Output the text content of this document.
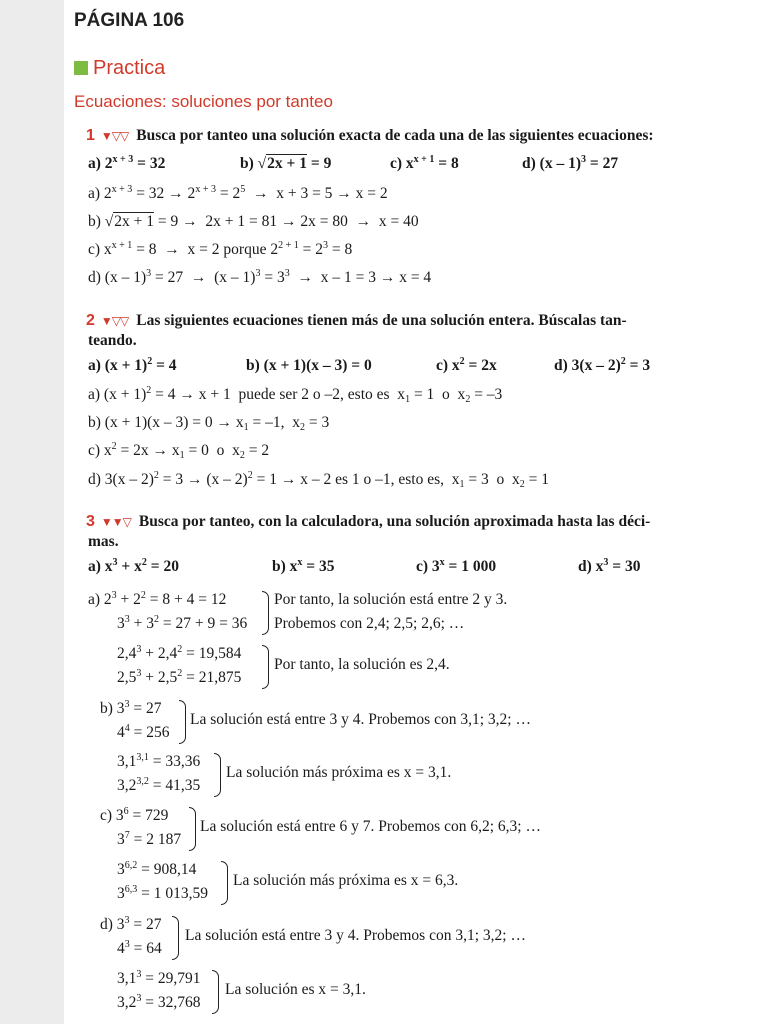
PÁGINA 106
Practica
Ecuaciones: soluciones por tanteo
1 ▼▽▽ Busca por tanteo una solución exacta de cada una de las siguientes ecuaciones:
a) $2^{x + 3} = 32$	b) √2x + 1 = 9	c) $x^{x + 1} = 8$	d) (x – 1)$^3$ = 27
a) $2^{x + 3} = 32 \to 2^{x + 3} = 2^5 \to x + 3 = 5 \to x = 2$
b) √2x + 1 = 9 →  2x + 1 = 81 → 2x = 80  →  x = 40
c) $x^{x + 1} = 8 \to x = 2$ porque $2^{2 + 1} = 2^3 = 8$
d) $(x - 1)^3 = 27 \to (x - 1)^3 = 3^3 \to x - 1 = 3 \to x = 4$
2 ▼▽▽ Las siguientes ecuaciones tienen más de una solución entera. Búscalas tan-
teando.
a) $(x + 1)^2 = 4$	b) (x + 1)(x – 3) = 0	c) $x^2 = 2x$	d) 3(x – 2)$^2$ = 3
a) $(x + 1)^2 = 4 \to x + 1$  puede ser 2 o –2, esto es  $x_1 = 1$  o  $x_2 = -3$
b) $(x + 1)(x - 3) = 0 \to x_1 = -1$,  $x_2 = 3$
c) $x^2 = 2x \to x_1 = 0$  o  $x_2 = 2$
d) 3(x – 2)$^2$ = 3 → (x – 2)$^2$ = 1 → x – 2 es 1 o –1, esto es,  $x_1 = 3$  o  $x_2 = 1$
3 ▼▼▽ Busca por tanteo, con la calculadora, una solución aproximada hasta las déci-
mas.
a) $x^3 + x^2 = 20$	b) $x^x = 35$	c) $3^x = 1$ 000	d) $x^3 = 30$
a) $2^3 + 2^2 = 8 + 4 = 12$
$3^3 + 3^2 = 27 + 9 = 36$
Por tanto, la solución está entre 2 y 3.
Probemos con 2,4; 2,5; 2,6; …
$2,4^3 + 2,4^2 = 19,584$
$2,5^3 + 2,5^2 = 21,875$
Por tanto, la solución es 2,4.
b) $3^3 = 27$
$4^4 = 256$
La solución está entre 3 y 4. Probemos con 3,1; 3,2; …
$3,1^{3,1} = 33,36$
$3,2^{3,2} = 41,35$
La solución más próxima es x = 3,1.
c) $3^6 = 729$
$3^7 = 2$ 187
La solución está entre 6 y 7. Probemos con 6,2; 6,3; …
$3^{6,2} = 908,14$
$3^{6,3} = 1$ 013,59
La solución más próxima es x = 6,3.
d) $3^3 = 27$
$4^3 = 64$
La solución está entre 3 y 4. Probemos con 3,1; 3,2; …
$3,1^3 = 29,791$
$3,2^3 = 32,768$
La solución es x = 3,1.
